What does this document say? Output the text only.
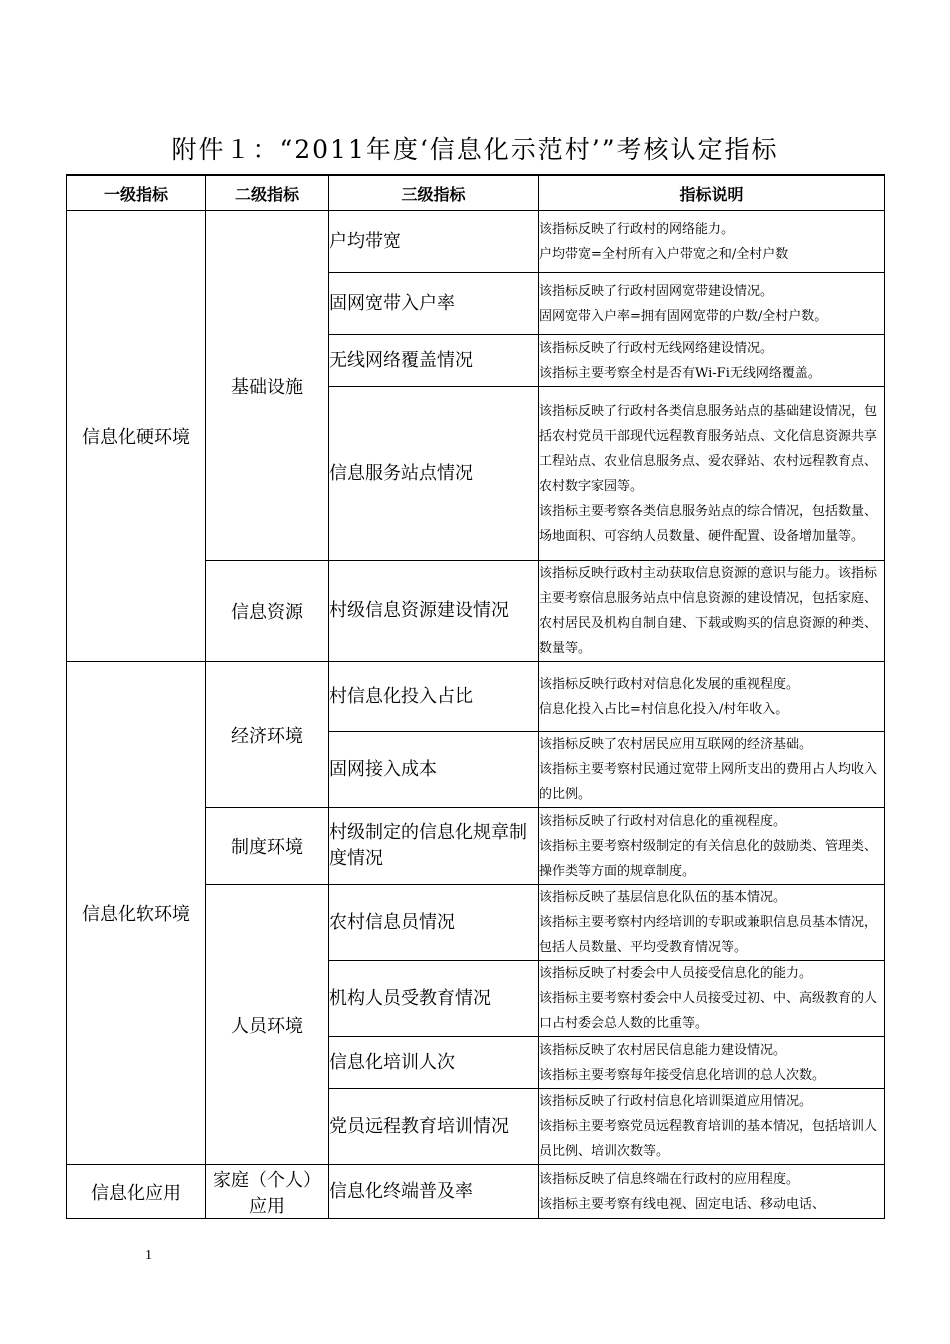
附件１：“2011年度‘信息化示范村’”考核认定指标
一级指标	二级指标	三级指标	指标说明
信息化硬环境	基础设施	户均带宽	该指标反映了行政村的网络能力。
户均带宽=全村所有入户带宽之和/全村户数

		固网宽带入户率	该指标反映了行政村固网宽带建设情况。
固网宽带入户率=拥有固网宽带的户数/全村户数。

		无线网络覆盖情况	该指标反映了行政村无线网络建设情况。
该指标主要考察全村是否有Wi-Fi无线网络覆盖。

		信息服务站点情况	该指标反映了行政村各类信息服务站点的基础建设情况，包括农村党员干部现代远程教育服务站点、文化信息资源共享工程站点、农业信息服务点、爱农驿站、农村远程教育点、农村数字家园等。
该指标主要考察各类信息服务站点的综合情况，包括数量、场地面积、可容纳人员数量、硬件配置、设备增加量等。

	信息资源	村级信息资源建设情况	该指标反映行政村主动获取信息资源的意识与能力。该指标主要考察信息服务站点中信息资源的建设情况，包括家庭、农村居民及机构自制自建、下载或购买的信息资源的种类、数量等。

信息化软环境	经济环境	村信息化投入占比	该指标反映行政村对信息化发展的重视程度。
信息化投入占比=村信息化投入/村年收入。

		固网接入成本	该指标反映了农村居民应用互联网的经济基础。
该指标主要考察村民通过宽带上网所支出的费用占人均收入的比例。

	制度环境	村级制定的信息化规章制度情况	该指标反映了行政村对信息化的重视程度。
该指标主要考察村级制定的有关信息化的鼓励类、管理类、操作类等方面的规章制度。

	人员环境	农村信息员情况	该指标反映了基层信息化队伍的基本情况。
该指标主要考察村内经培训的专职或兼职信息员基本情况，包括人员数量、平均受教育情况等。

		机构人员受教育情况	该指标反映了村委会中人员接受信息化的能力。
该指标主要考察村委会中人员接受过初、中、高级教育的人口占村委会总人数的比重等。

		信息化培训人次	该指标反映了农村居民信息能力建设情况。
该指标主要考察每年接受信息化培训的总人次数。

		党员远程教育培训情况	该指标反映了行政村信息化培训渠道应用情况。
该指标主要考察党员远程教育培训的基本情况，包括培训人员比例、培训次数等。

信息化应用	家庭（个人）应用	信息化终端普及率	该指标反映了信息终端在行政村的应用程度。
该指标主要考察有线电视、固定电话、移动电话、
1
